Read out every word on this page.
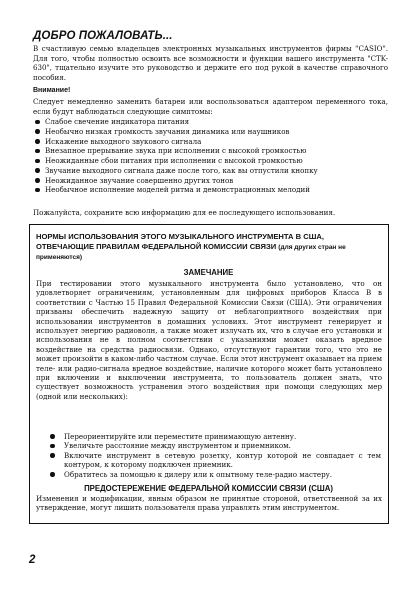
ДОБРО ПОЖАЛОВАТЬ...
В счастливую семью владельцев электронных музыкальных инструментов фирмы "CASIO". Для того, чтобы полностью освоить все возможности и функции вашего инструмента "CTK-630", тщательно изучите это руководство и держите его под рукой в качестве справочного пособия.
Внимание!
Следует немедленно заменить батареи или воспользоваться адаптером переменного тока, если будут наблюдаться следующие симптомы:
Слабое свечение индикатора питания
Необычно низкая громкость звучания динамика или наушников
Искажение выходного звукового сигнала
Внезапное прерывание звука при исполнении с высокой громкостью
Неожиданные сбои питания при исполнении с высокой громкостью
Звучание выходного сигнала даже после того, как вы отпустили кнопку
Неожиданное звучание совершенно других тонов
Необычное исполнение моделей ритма и демонстрационных мелодий
Пожалуйста, сохраните всю информацию для ее последующего использования.
НОРМЫ ИСПОЛЬЗОВАНИЯ ЭТОГО МУЗЫКАЛЬНОГО ИНСТРУМЕНТА В США, ОТВЕЧАЮЩИЕ ПРАВИЛАМ ФЕДЕРАЛЬНОЙ КОМИССИИ СВЯЗИ (для других стран не применяются)
ЗАМЕЧАНИЕ
При тестировании этого музыкального инструмента было установлено, что он удовлетворяет ограничениям, установленным для цифровых приборов Класса В в соответствии с Частью 15 Правил Федеральной Комиссии Связи (США). Эти ограничения призваны обеспечить надежную защиту от неблагоприятного воздействия при использовании инструментов в домашних условиях. Этот инструмент генерирует и использует энергию радиоволн, а также может излучать их, что в случае его установки и использования не в полном соответствии с указаниями может оказать вредное воздействие на средства радиосвязи. Однако, отсутствуют гарантии того, что это не может произойти в каком-либо частном случае. Если этот инструмент оказывает на прием теле- или радио-сигнала вредное воздействие, наличие которого может быть установлено при включении и выключении инструмента, то пользователь должен знать, что существует возможность устранения этого воздействия при помощи следующих мер (одной или нескольких):
Переориентируйте или переместите принимающую антенну.
Увеличьте расстояние между инструментом и приемником.
Включите инструмент в сетевую розетку, контур которой не совпадает с тем контуром, к которому подключен приемник.
Обратитесь за помощью к дилеру или к опытному теле-радио мастеру.
ПРЕДОСТЕРЕЖЕНИЕ ФЕДЕРАЛЬНОЙ КОМИССИИ СВЯЗИ (США)
Изменения и модификации, явным образом не принятые стороной, ответственной за их утверждение, могут лишить пользователя права управлять этим инструментом.
2
